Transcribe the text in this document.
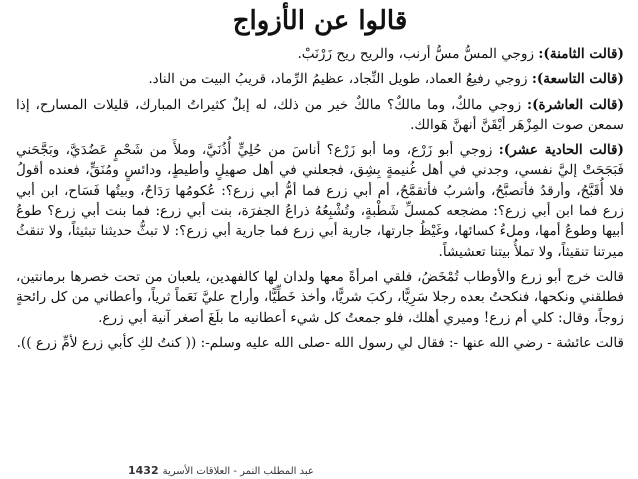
قالوا عن الأزواج

(قالت الثامنة): زوجي المسُّ مسُّ أرنب، والريح ريح زَرْنَبْ.

(قالت التاسعة): زوجي رفيعُ العماد، طويل النِّجاد، عظيمُ الرِّماد، قريبُ البيت من الناد.

(قالت العاشرة): زوجي مالكٌ، وما مالكٌ؟ مالكٌ خير من ذلك، له إبلٌ كثيراتُ المبارك، قليلات المسارح، إذا سمعن صوت المِزْهَر أيْقَنَّ أنهنَّ هَوالك.

(قالت الحادية عشر): زوجي أبو زَرْع، وما أبو زَرْع؟ أناسَ من حُلِيٍّ أُذُنَيَّ، وملأَ من شَحْمٍ عَضُدَيَّ، وبَجَّحَني فَبَجَحَتْ إليَّ نفسي، وجدني في أهل غُنيمةٍ بِشِق، فجعلني في أهل صهيلٍ وأطيطٍ، ودائسٍ ومُنَقٍّ، فعنده أقولُ فلا أُقَبَّحُ، وأرقدُ فأتصبَّحُ، وأشربُ فأتقمَّحُ، أم أبي زرع فما أمُّ أبي زرع؟: عُكومُها رَدَاحٌ، وبيتُها فَسَاح، ابن أبي زرع فما ابن أبي زرع؟: مضجعه كمسلِّ شَطْبةٍ، وتُشْبِعُهُ ذراعُ الجفرَة، بنت أبي زرع: فما بنت أبي زرع؟ طوعُ أبيها وطوعُ أمها، وملءُ كسائها، وغَيْظُ جارتها، جارية أبي زرع فما جارية أبي زرع؟: لا تبثُّ حديثنا تبثيثاً، ولا تنقثُ ميرتنا تنقيثاً، ولا تملأُ بيتنا تعشيشاً.

قالت خرج أبو زرع والأوطاب تُمْخَضُ، فلقي امرأةً معها ولدان لها كالفهدين، يلعبان من تحت خصرها برمانتين، فطلقني ونكحها، فنكحتُ بعده رجلا سَرِيًّا، ركبَ شريًّا، وأخذ خَطِّيًّا، وأراح عليَّ نَعَماً ثرياً، وأعطاني من كل رائحةٍ زوجاً، وقال: كلي أم زرع! وميري أهلك، فلو جمعتُ كل شيء أعطانيه ما بلَغَ أصغر آنية أبي زرع.

قالت عائشة - رضي الله عنها -: فقال لي رسول الله -صلى الله عليه وسلم-: (( كنتُ لكِ كأبي زرع لأمِّ زرع )).

عبد المطلب النمر - العلاقات الأسرية1432
